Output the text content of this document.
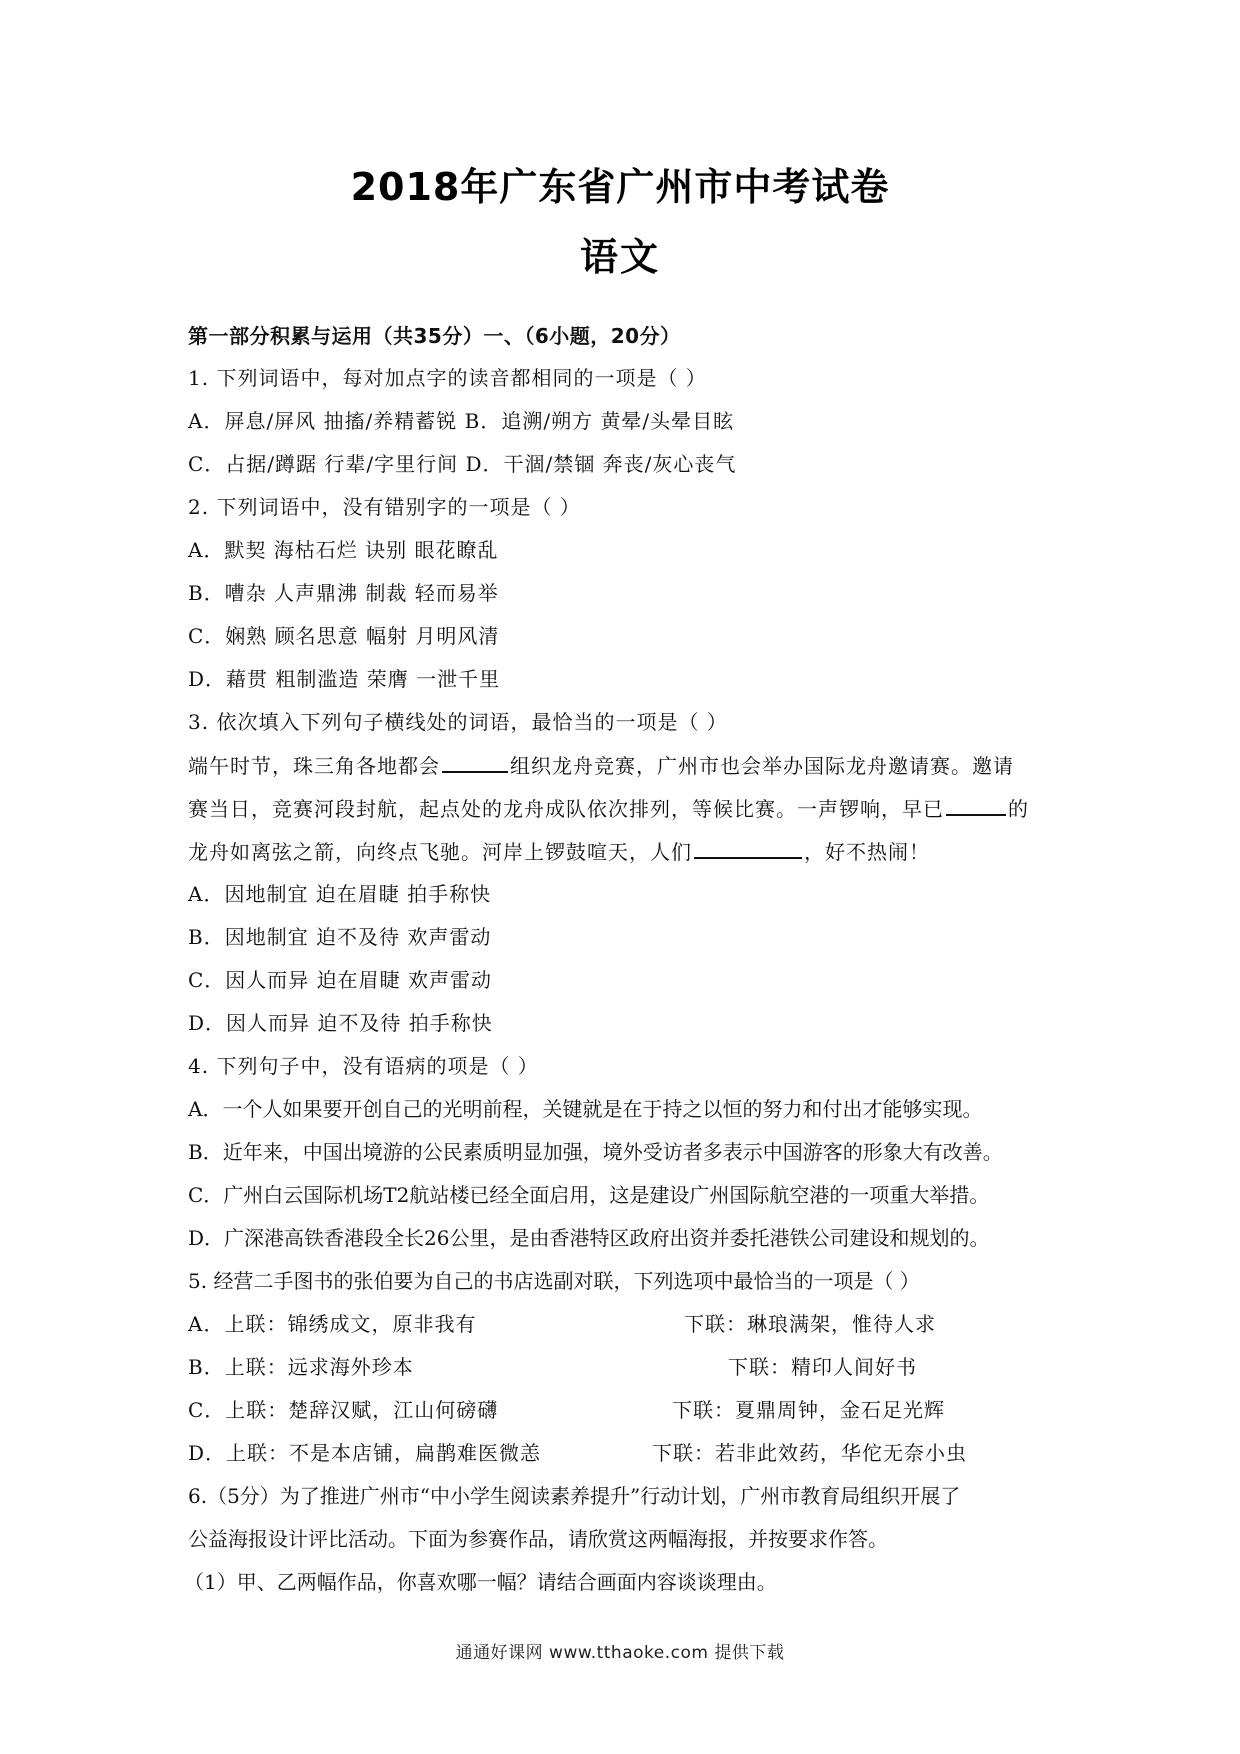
2018年广东省广州市中考试卷
语文
第一部分积累与运用（共35分）一、（6小题，20分）
1. 下列词语中，每对加点字的读音都相同的一项是（ ）
A．屏息/屏风 抽搐/养精蓄锐 B．追溯/朔方 黄晕/头晕目眩
C．占据/蹲踞 行辈/字里行间 D．干涸/禁锢 奔丧/灰心丧气
2. 下列词语中，没有错别字的一项是（ ）
A．默契 海枯石烂 诀别 眼花瞭乱
B．嘈杂 人声鼎沸 制裁 轻而易举
C．娴熟 顾名思意 幅射 月明风清
D．藉贯 粗制滥造 荣膺 一泄千里
3. 依次填入下列句子横线处的词语，最恰当的一项是（ ）
端午时节，珠三角各地都会	组织龙舟竞赛，广州市也会举办国际龙舟邀请赛。邀请
赛当日，竞赛河段封航，起点处的龙舟成队依次排列，等候比赛。一声锣响，早已	的
龙舟如离弦之箭，向终点飞驰。河岸上锣鼓喧天，人们	，好不热闹！
A．因地制宜 迫在眉睫 拍手称快
B．因地制宜 迫不及待 欢声雷动
C．因人而异 迫在眉睫 欢声雷动
D．因人而异 迫不及待 拍手称快
4. 下列句子中，没有语病的项是（ ）
A．一个人如果要开创自己的光明前程，关键就是在于持之以恒的努力和付出才能够实现。
B．近年来，中国出境游的公民素质明显加强，境外受访者多表示中国游客的形象大有改善。
C．广州白云国际机场T2航站楼已经全面启用，这是建设广州国际航空港的一项重大举措。
D．广深港高铁香港段全长26公里，是由香港特区政府出资并委托港铁公司建设和规划的。
5. 经营二手图书的张伯要为自己的书店选副对联，下列选项中最恰当的一项是（ ）
A．上联：锦绣成文，原非我有	下联：琳琅满架，惟待人求
B．上联：远求海外珍本	下联：精印人间好书
C．上联：楚辞汉赋，江山何磅礴	下联：夏鼎周钟，金石足光辉
D．上联：不是本店铺，扁鹊难医微恙	下联：若非此效药，华佗无奈小虫
6.（5分）为了推进广州市“中小学生阅读素养提升”行动计划，广州市教育局组织开展了
公益海报设计评比活动。下面为参赛作品，请欣赏这两幅海报，并按要求作答。
（1）甲、乙两幅作品，你喜欢哪一幅？请结合画面内容谈谈理由。
通通好课网 www.tthaoke.com 提供下载
